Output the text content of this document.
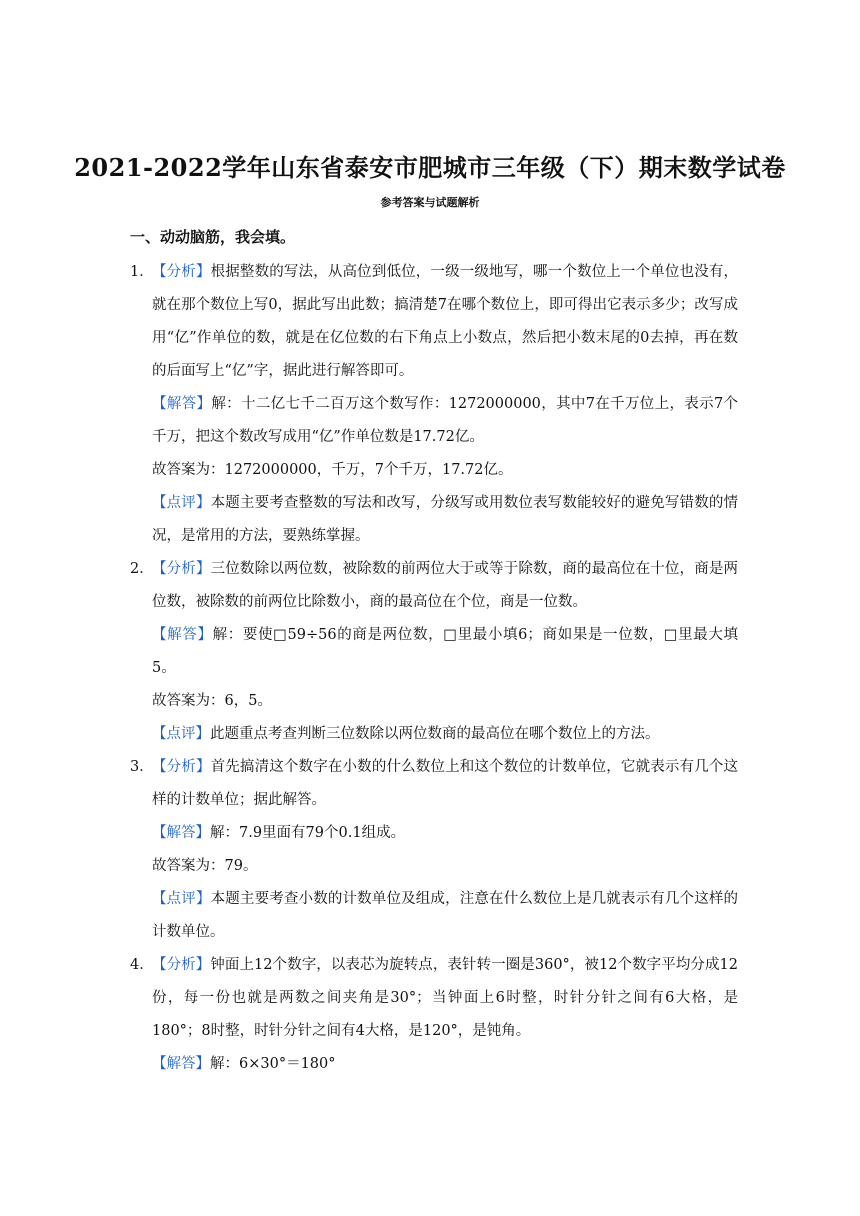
2021-2022学年山东省泰安市肥城市三年级（下）期末数学试卷
参考答案与试题解析
一、动动脑筋，我会填。
1．
【分析】根据整数的写法，从高位到低位，一级一级地写，哪一个数位上一个单位也没有，就在那个数位上写0，据此写出此数；搞清楚7在哪个数位上，即可得出它表示多少；改写成用“亿”作单位的数，就是在亿位数的右下角点上小数点，然后把小数末尾的0去掉，再在数的后面写上“亿”字，据此进行解答即可。
【解答】解：十二亿七千二百万这个数写作：1272000000，其中7在千万位上，表示7个千万，把这个数改写成用“亿”作单位数是17.72亿。
故答案为：1272000000，千万，7个千万，17.72亿。
【点评】本题主要考查整数的写法和改写，分级写或用数位表写数能较好的避免写错数的情况，是常用的方法，要熟练掌握。
2．
【分析】三位数除以两位数，被除数的前两位大于或等于除数，商的最高位在十位，商是两位数，被除数的前两位比除数小，商的最高位在个位，商是一位数。
【解答】解：要使□59÷56的商是两位数，□里最小填6；商如果是一位数，□里最大填5。
故答案为：6，5。
【点评】此题重点考查判断三位数除以两位数商的最高位在哪个数位上的方法。
3．
【分析】首先搞清这个数字在小数的什么数位上和这个数位的计数单位，它就表示有几个这样的计数单位；据此解答。
【解答】解：7.9里面有79个0.1组成。
故答案为：79。
【点评】本题主要考查小数的计数单位及组成，注意在什么数位上是几就表示有几个这样的计数单位。
4．
【分析】钟面上12个数字，以表芯为旋转点，表针转一圈是360°，被12个数字平均分成12份，每一份也就是两数之间夹角是30°；当钟面上6时整，时针分针之间有6大格，是180°；8时整，时针分针之间有4大格，是120°，是钝角。
【解答】解：6×30°＝180°
